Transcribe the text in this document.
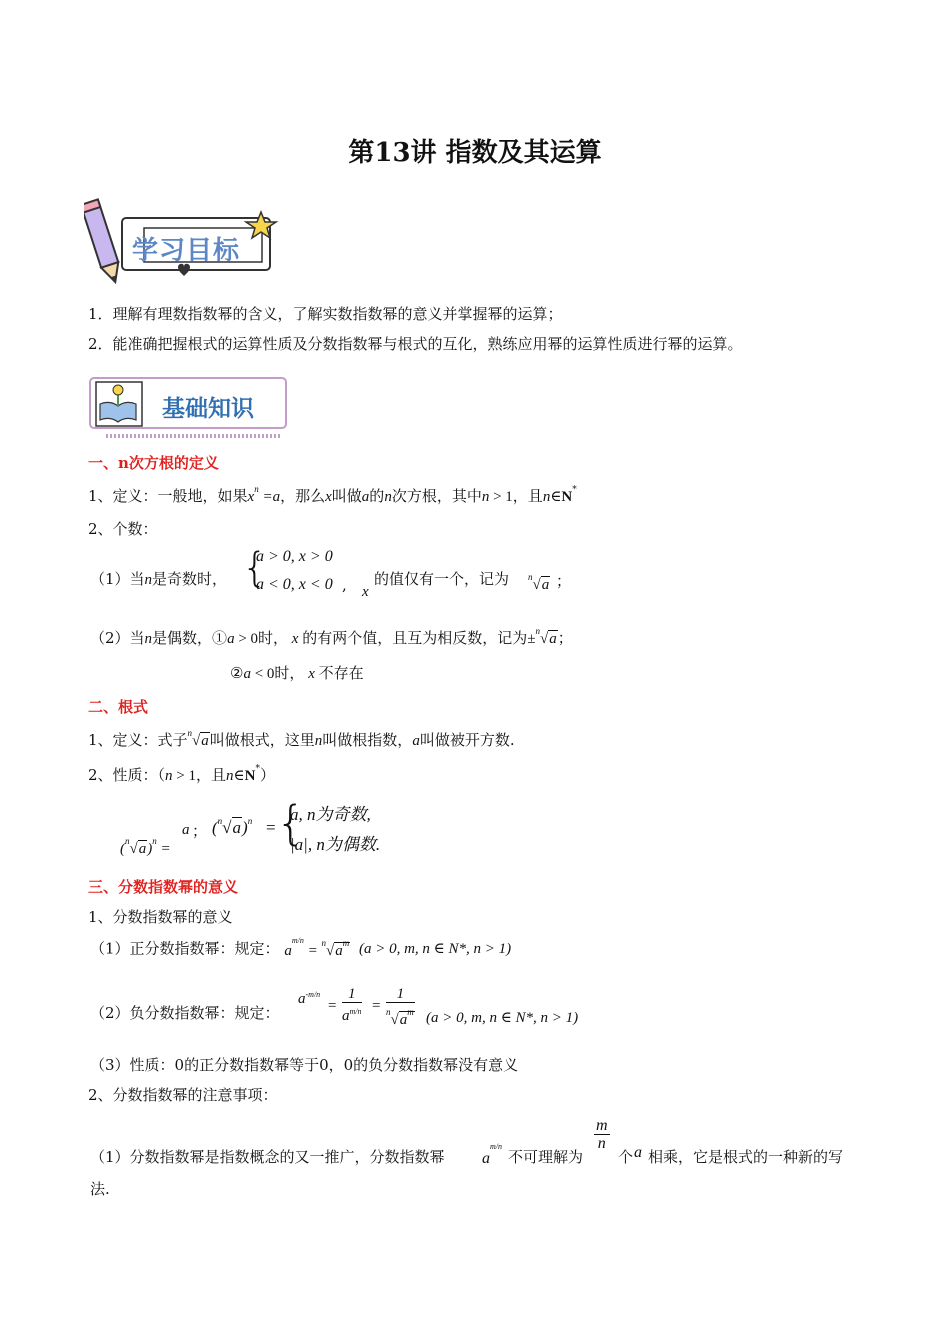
第13讲 指数及其运算
学习目标
1．理解有理数指数幂的含义，了解实数指数幂的意义并掌握幂的运算；
2．能准确把握根式的运算性质及分数指数幂与根式的互化，熟练应用幂的运算性质进行幂的运算。
基础知识
一、n次方根的定义
1、定义：一般地，如果$x^n =a$，那么x叫做a的n次方根，其中n > 1，且n∈N*
2、个数：
（1）当n是奇数时， {
a > 0, x > 0
a < 0, x < 0 , x
的值仅有一个，记为 $^n$√a ；
（2）当n是偶数，①a > 0时， x 的有两个值，且互为相反数，记为±$^n$√a；
②a < 0时， x 不存在
二、根式
1、定义：式子$^n$√a叫做根式，这里n叫做根指数，a叫做被开方数.
2、性质：（n > 1，且n∈N*）
$(^n√a)^n$ =
a ； $(^n√a)^n$ = {
a, n为奇数,
|a|, n为偶数.
三、分数指数幂的意义
1、分数指数幂的意义
（1）正分数指数幂：规定： $a^{m/n} = ^n√a^m$ (a > 0, m, n ∈ N*, n > 1)
（2）负分数指数幂：规定：
$a^{-m/n}$
= $\frac{1}{a^{m/n}} = \frac{1}{^n√a^m} (a > 0$, m, n ∈ N*, n > 1)
（3）性质：0的正分数指数幂等于0，0的负分数指数幂没有意义
2、分数指数幂的注意事项：
（1）分数指数幂是指数概念的又一推广，分数指数幂 $a^{m/n}$
不可理解为
$\frac{m}{n}$
个 a 相乘，它是根式的一种新的写
法.
